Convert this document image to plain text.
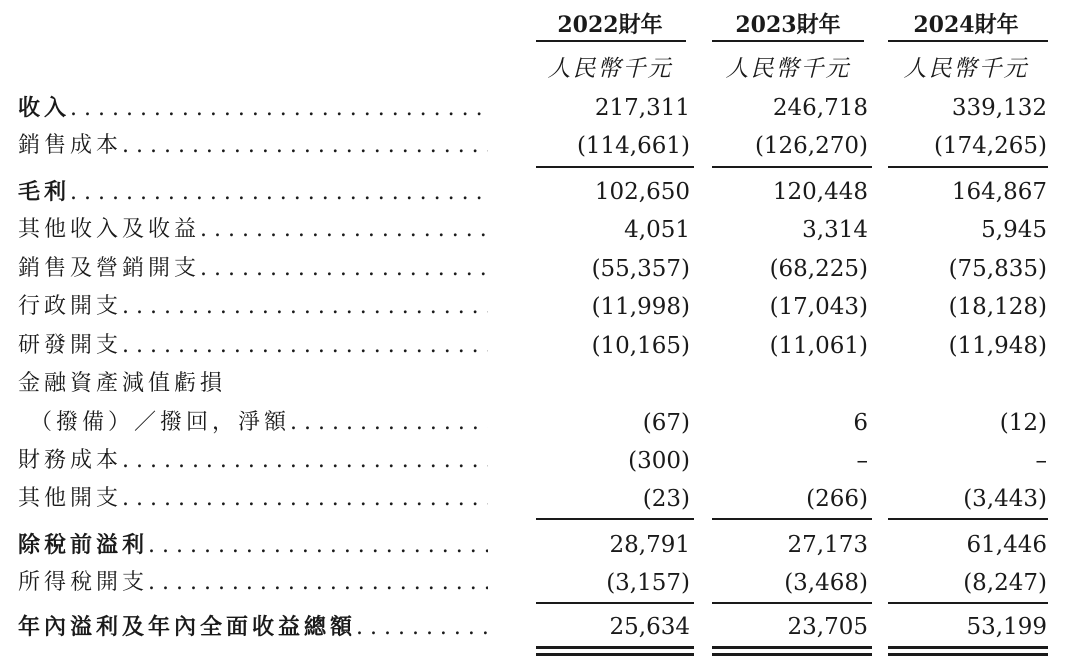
2022財年	2023財年	2024財年
人民幣千元	人民幣千元	人民幣千元
收入 . . .	217,311	246,718	339,132
銷售成本 . . .	(114,661)	(126,270)	(174,265)
毛利 . . .	102,650	120,448	164,867
其他收入及收益 . . .	4,051	3,314	5,945
銷售及營銷開支 . . .	(55,357)	(68,225)	(75,835)
行政開支 . . .	(11,998)	(17,043)	(18,128)
研發開支 . . .	(10,165)	(11,061)	(11,948)
金融資產減值虧損
（撥備）／撥回，淨額 . . .	(67)	6	(12)
財務成本 . . .	(300)	–	–
其他開支 . . .	(23)	(266)	(3,443)
除稅前溢利 . . .	28,791	27,173	61,446
所得稅開支 . . .	(3,157)	(3,468)	(8,247)
年內溢利及年內全面收益總額 . . .	25,634	23,705	53,199
